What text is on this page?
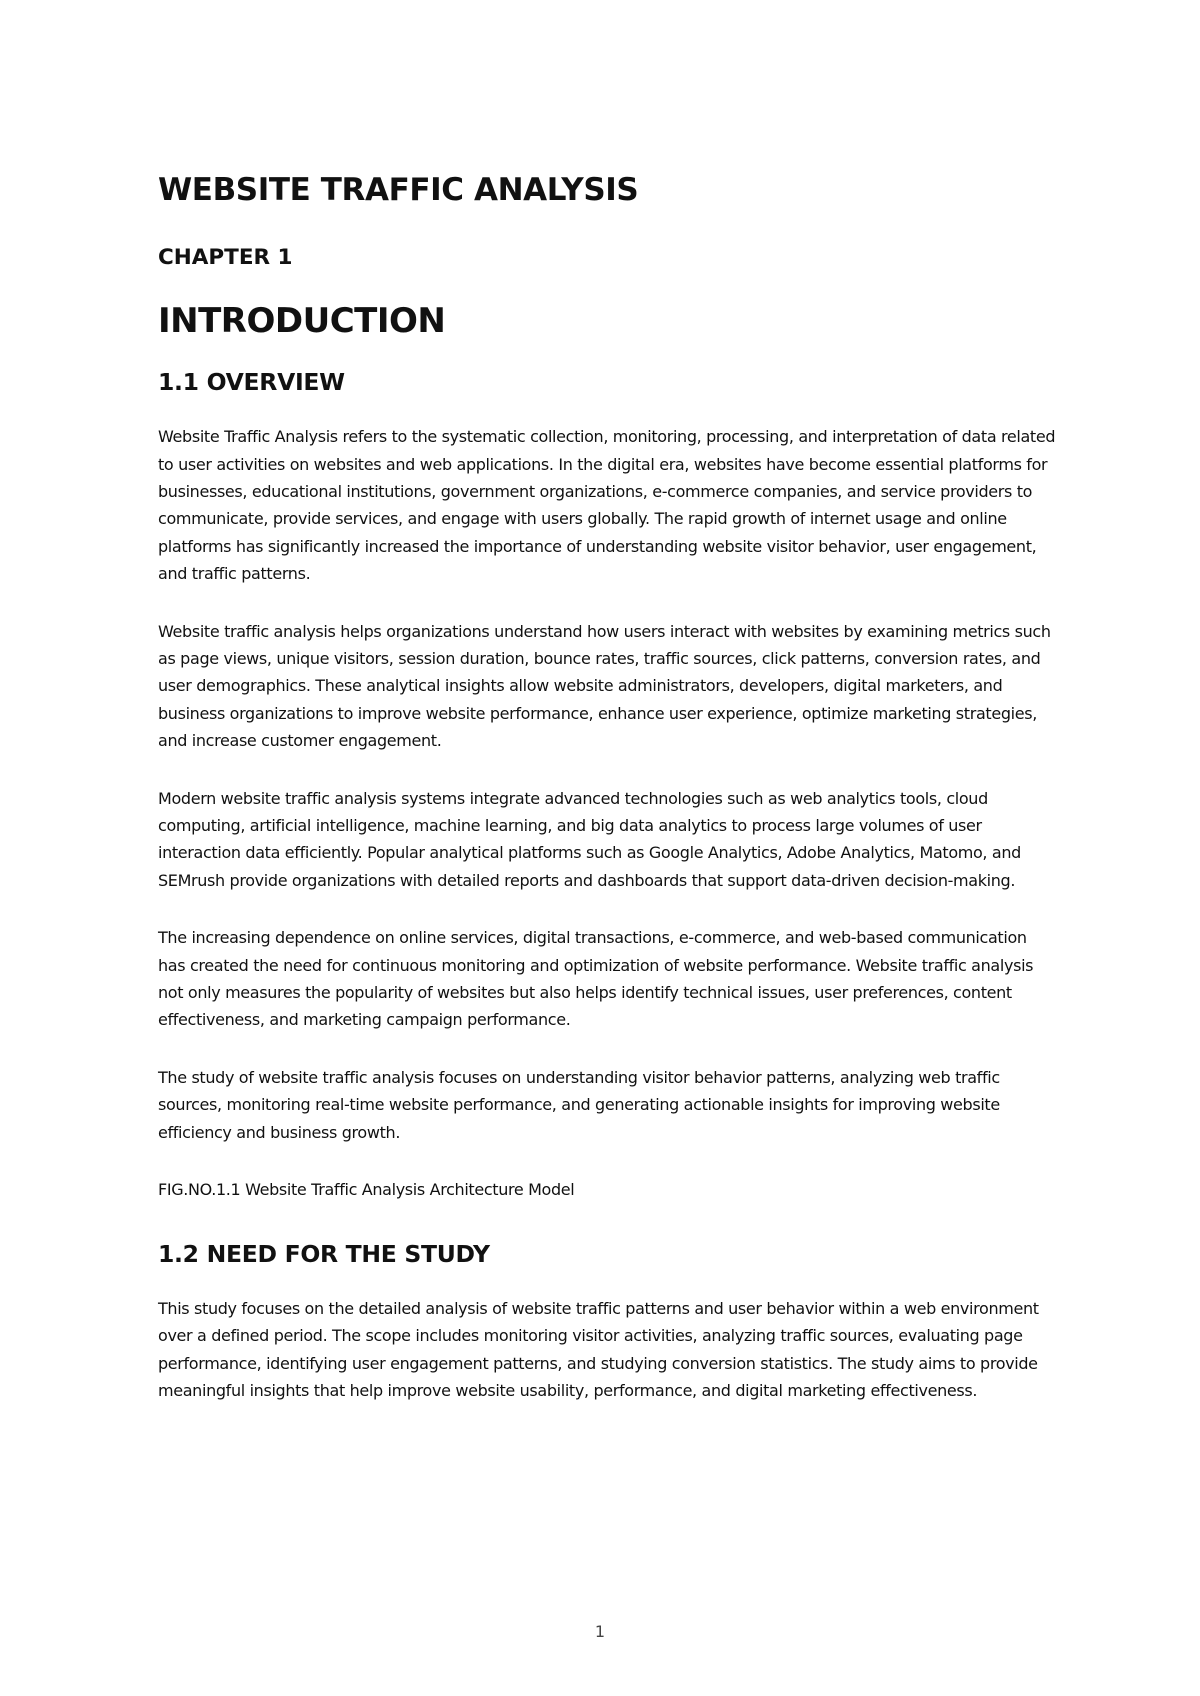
WEBSITE TRAFFIC ANALYSIS
CHAPTER 1
INTRODUCTION
1.1 OVERVIEW

Website Traffic Analysis refers to the systematic collection, monitoring, processing, and interpretation of data related to user activities on websites and web applications. In the digital era, websites have become essential platforms for businesses, educational institutions, government organizations, e-commerce companies, and service providers to communicate, provide services, and engage with users globally. The rapid growth of internet usage and online platforms has significantly increased the importance of understanding website visitor behavior, user engagement, and traffic patterns.

Website traffic analysis helps organizations understand how users interact with websites by examining metrics such as page views, unique visitors, session duration, bounce rates, traffic sources, click patterns, conversion rates, and user demographics. These analytical insights allow website administrators, developers, digital marketers, and business organizations to improve website performance, enhance user experience, optimize marketing strategies, and increase customer engagement.

Modern website traffic analysis systems integrate advanced technologies such as web analytics tools, cloud computing, artificial intelligence, machine learning, and big data analytics to process large volumes of user interaction data efficiently. Popular analytical platforms such as Google Analytics, Adobe Analytics, Matomo, and SEMrush provide organizations with detailed reports and dashboards that support data-driven decision-making.

The increasing dependence on online services, digital transactions, e-commerce, and web-based communication has created the need for continuous monitoring and optimization of website performance. Website traffic analysis not only measures the popularity of websites but also helps identify technical issues, user preferences, content effectiveness, and marketing campaign performance.

The study of website traffic analysis focuses on understanding visitor behavior patterns, analyzing web traffic sources, monitoring real-time website performance, and generating actionable insights for improving website efficiency and business growth.

FIG.NO.1.1 Website Traffic Analysis Architecture Model

1.2 NEED FOR THE STUDY

This study focuses on the detailed analysis of website traffic patterns and user behavior within a web environment over a defined period. The scope includes monitoring visitor activities, analyzing traffic sources, evaluating page performance, identifying user engagement patterns, and studying conversion statistics. The study aims to provide meaningful insights that help improve website usability, performance, and digital marketing effectiveness.

1
